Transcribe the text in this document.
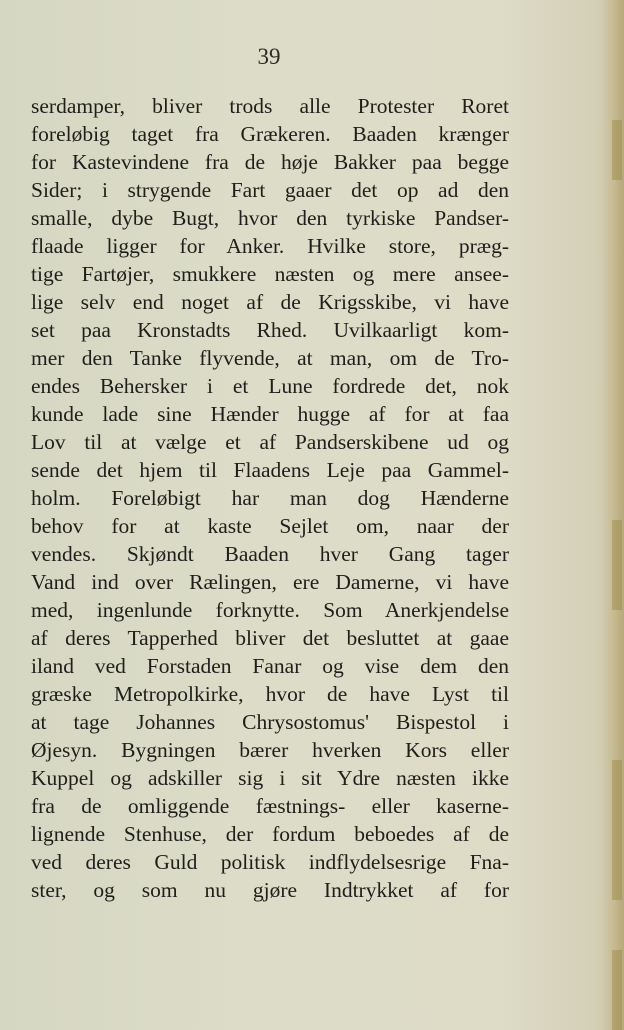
39
serdamper, bliver trods alle Protester Roret
foreløbig taget fra Grækeren. Baaden krænger
for Kastevindene fra de høje Bakker paa begge
Sider; i strygende Fart gaaer det op ad den
smalle, dybe Bugt, hvor den tyrkiske Pandser-
flaade ligger for Anker. Hvilke store, præg-
tige Fartøjer, smukkere næsten og mere ansee-
lige selv end noget af de Krigsskibe, vi have
set paa Kronstadts Rhed. Uvilkaarligt kom-
mer den Tanke flyvende, at man, om de Tro-
endes Behersker i et Lune fordrede det, nok
kunde lade sine Hænder hugge af for at faa
Lov til at vælge et af Pandserskibene ud og
sende det hjem til Flaadens Leje paa Gammel-
holm. Foreløbigt har man dog Hænderne
behov for at kaste Sejlet om, naar der
vendes. Skjøndt Baaden hver Gang tager
Vand ind over Rælingen, ere Damerne, vi have
med, ingenlunde forknytte. Som Anerkjendelse
af deres Tapperhed bliver det besluttet at gaae
iland ved Forstaden Fanar og vise dem den
græske Metropolkirke, hvor de have Lyst til
at tage Johannes Chrysostomus' Bispestol i
Øjesyn. Bygningen bærer hverken Kors eller
Kuppel og adskiller sig i sit Ydre næsten ikke
fra de omliggende fæstnings- eller kaserne-
lignende Stenhuse, der fordum beboedes af de
ved deres Guld politisk indflydelsesrige Fna-
ster, og som nu gjøre Indtrykket af for
